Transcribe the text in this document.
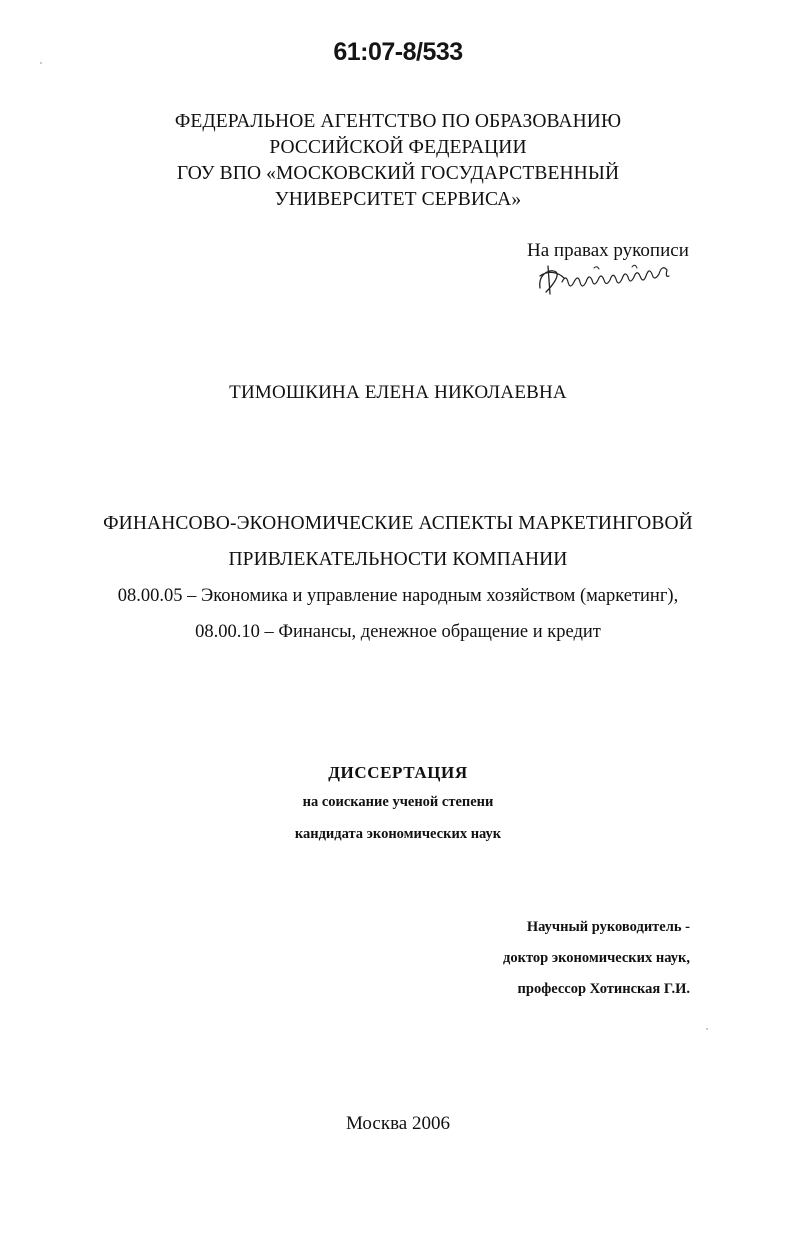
61:07-8/533
ФЕДЕРАЛЬНОЕ АГЕНТСТВО ПО ОБРАЗОВАНИЮ
РОССИЙСКОЙ ФЕДЕРАЦИИ
ГОУ ВПО «МОСКОВСКИЙ ГОСУДАРСТВЕННЫЙ
УНИВЕРСИТЕТ СЕРВИСА»
На правах рукописи
ТИМОШКИНА ЕЛЕНА НИКОЛАЕВНА
ФИНАНСОВО-ЭКОНОМИЧЕСКИЕ АСПЕКТЫ МАРКЕТИНГОВОЙ
ПРИВЛЕКАТЕЛЬНОСТИ КОМПАНИИ
08.00.05 – Экономика и управление народным хозяйством (маркетинг),
08.00.10 – Финансы, денежное обращение и кредит
ДИССЕРТАЦИЯ
на соискание ученой степени
кандидата экономических наук
Научный руководитель -
доктор экономических наук,
профессор Хотинская Г.И.
Москва 2006
